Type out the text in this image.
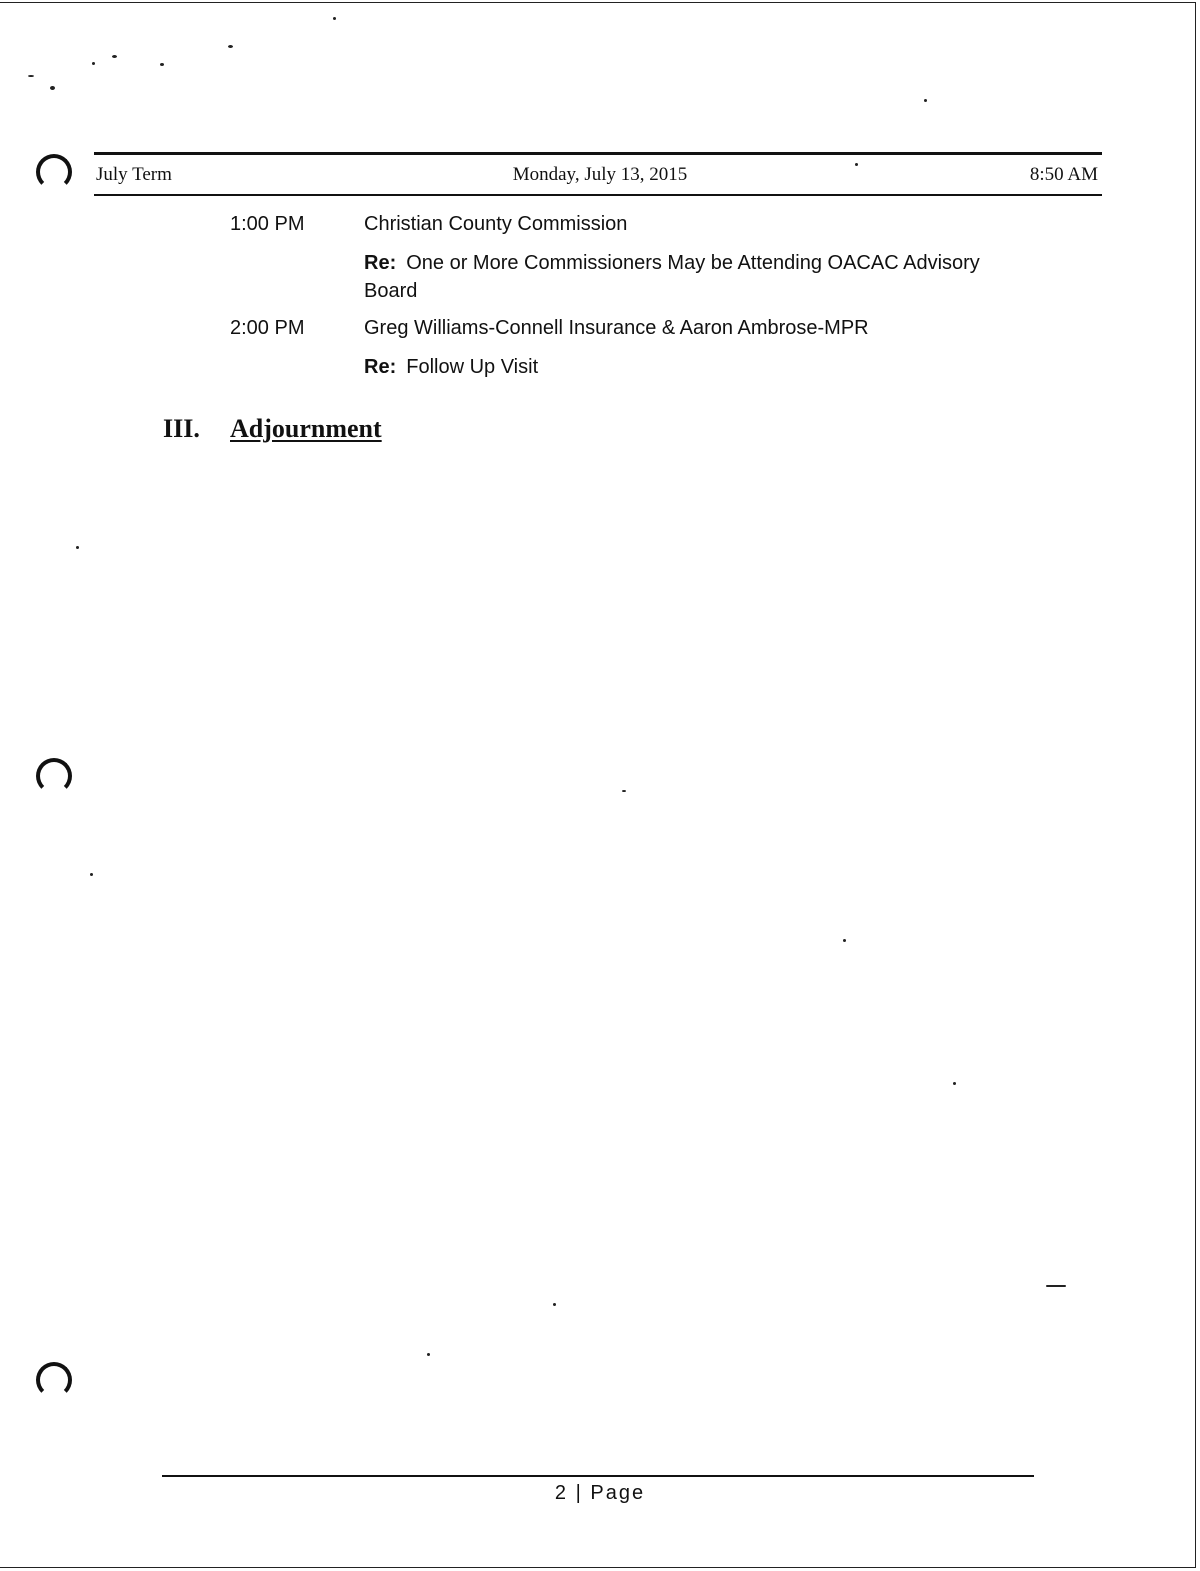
July Term	Monday, July 13, 2015	8:50 AM
1:00 PM	Christian County Commission
Re: One or More Commissioners May be Attending OACAC Advisory Board
2:00 PM	Greg Williams-Connell Insurance & Aaron Ambrose-MPR
Re: Follow Up Visit
III. Adjournment
2 | Page
